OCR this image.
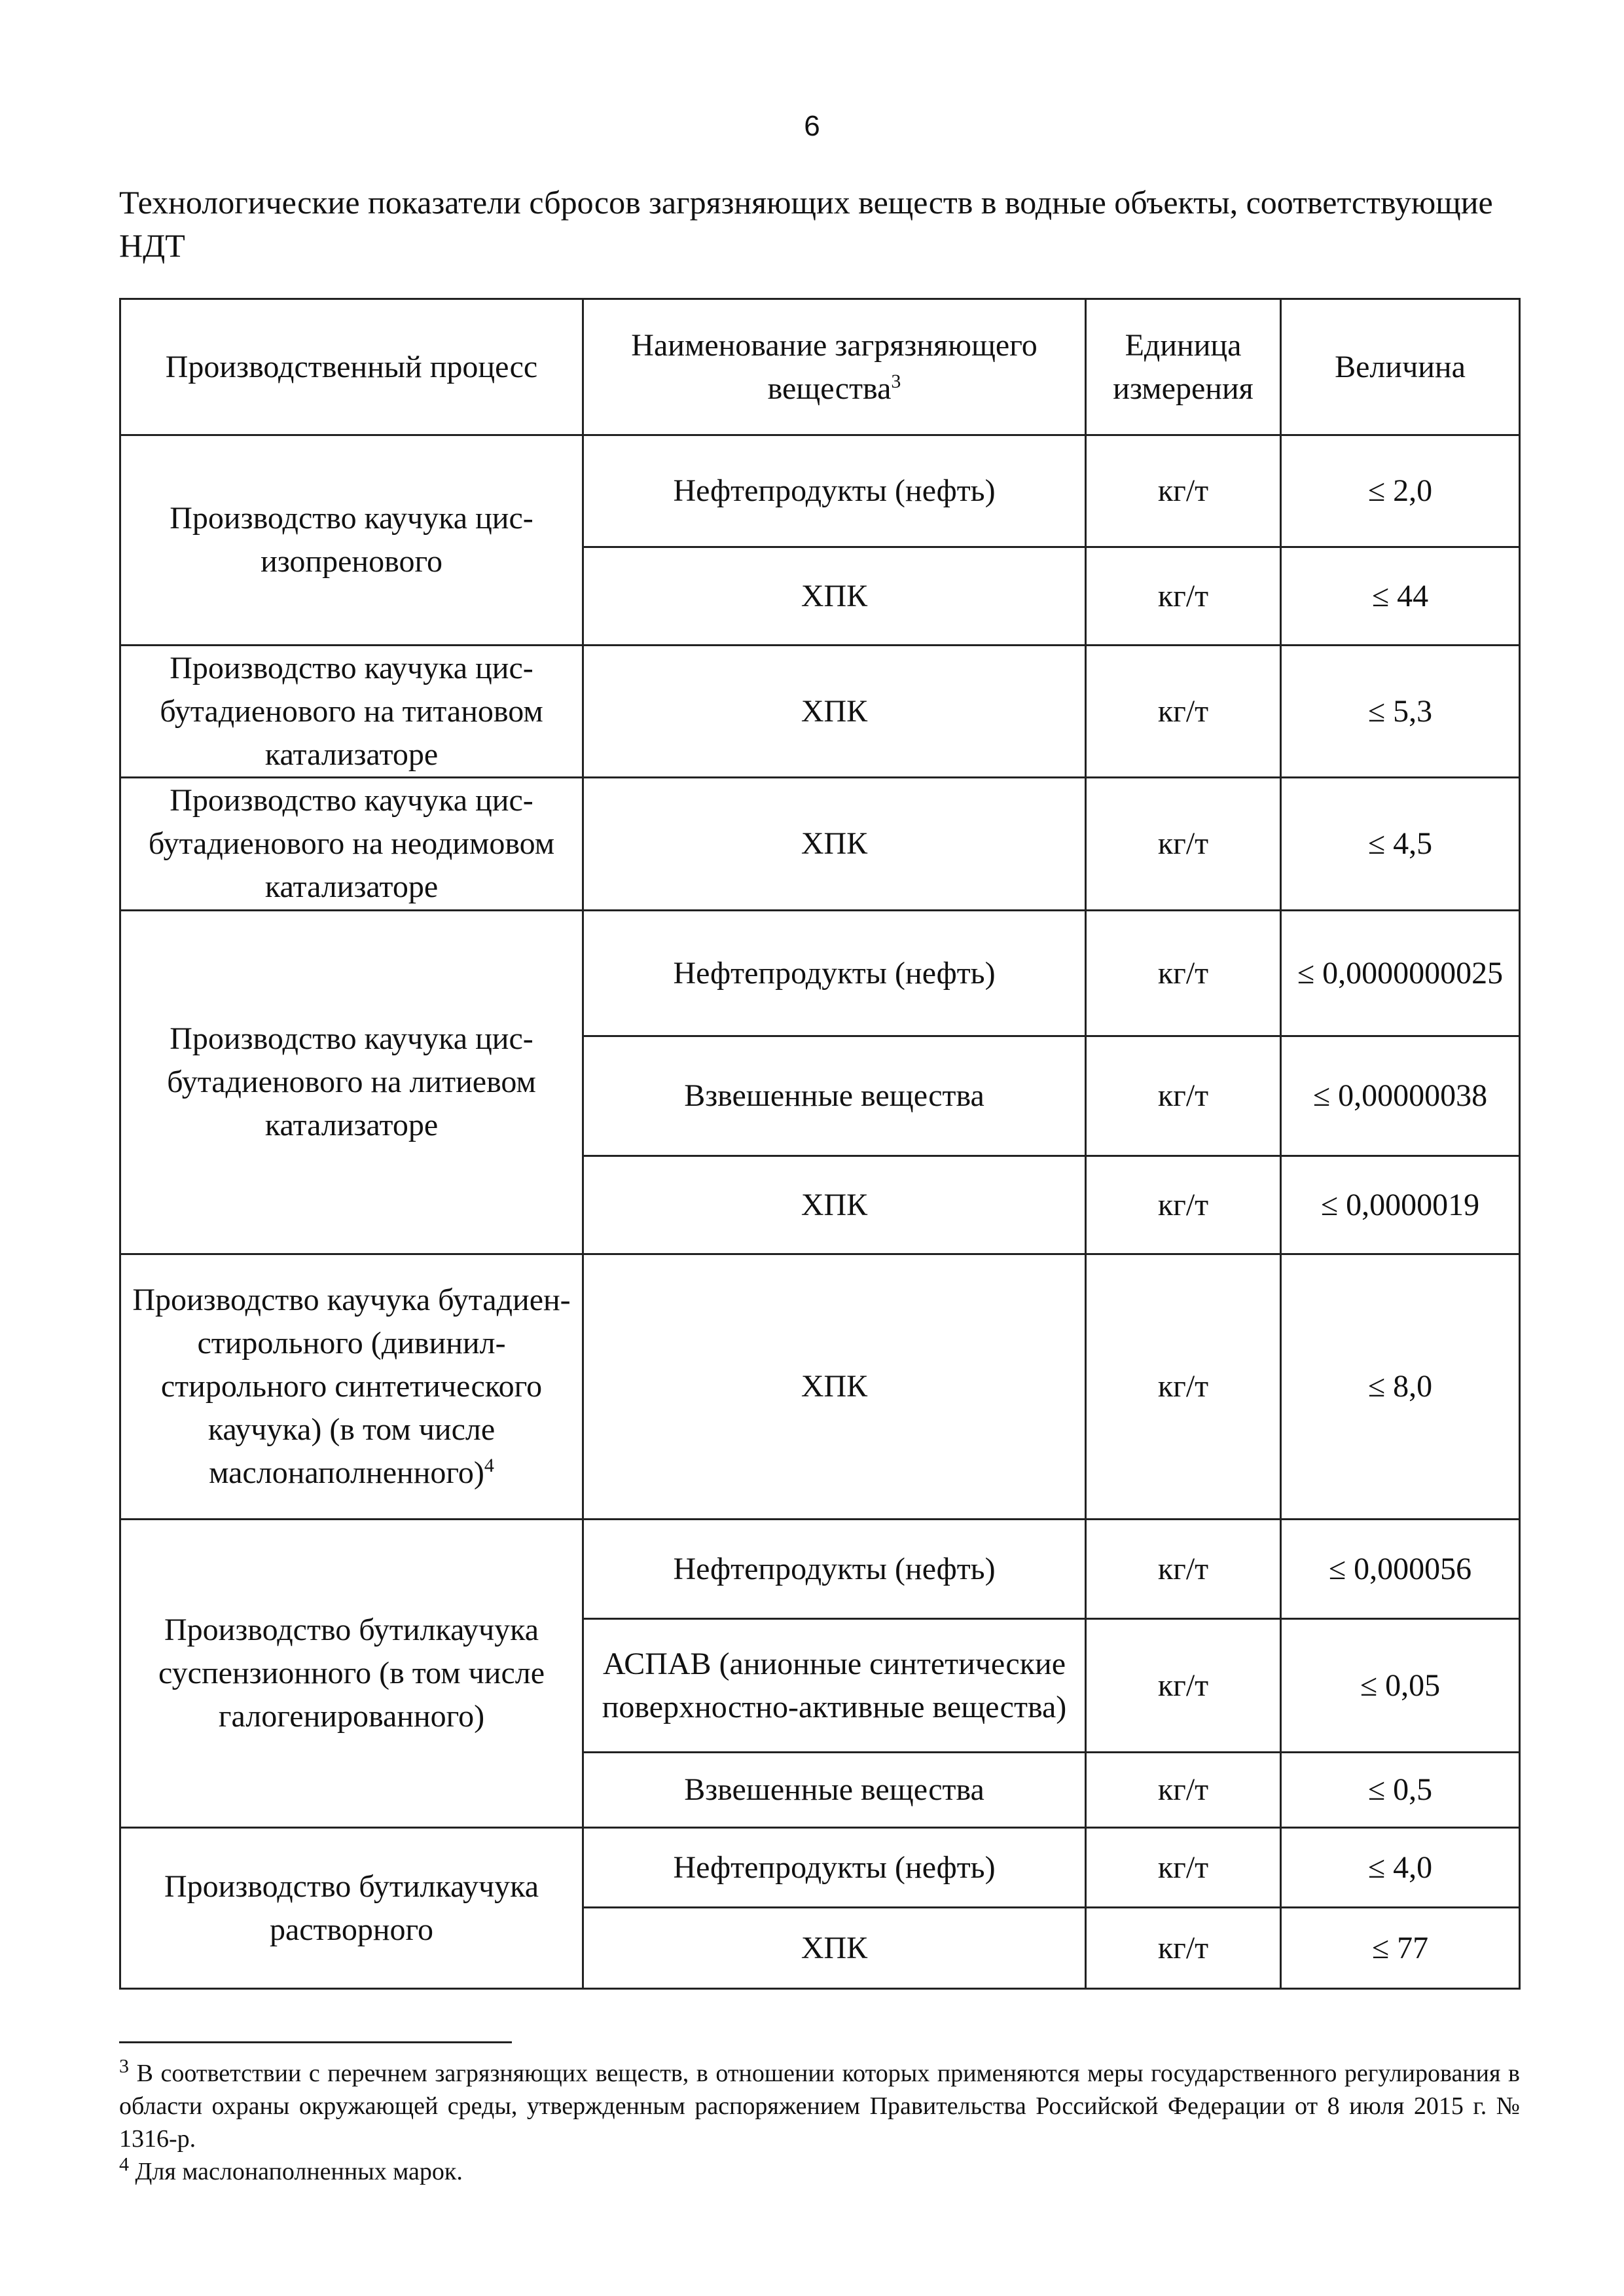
6
Технологические показатели сбросов загрязняющих веществ в водные объекты, соответствующие НДТ
Производственный процесс	Наименование загрязняющего вещества$^3$	Единица измерения	Величина
Производство каучука цис-изопренового	Нефтепродукты (нефть)	кг/т	≤ 2,0
	ХПК	кг/т	≤ 44
Производство каучука цис-бутадиенового на титановом катализаторе	ХПК	кг/т	≤ 5,3
Производство каучука цис-бутадиенового на неодимовом катализаторе	ХПК	кг/т	≤ 4,5
Производство каучука цис-бутадиенового на литиевом катализаторе	Нефтепродукты (нефть)	кг/т	≤ 0,0000000025
	Взвешенные вещества	кг/т	≤ 0,00000038
	ХПК	кг/т	≤ 0,0000019
Производство каучука бутадиен-стирольного (дивинил-стирольного синтетического каучука) (в том числе маслонаполненного)$^4$	ХПК	кг/т	≤ 8,0
Производство бутилкаучука суспензионного (в том числе галогенированного)	Нефтепродукты (нефть)	кг/т	≤ 0,000056
	АСПАВ (анионные синтетические поверхностно-активные вещества)	кг/т	≤ 0,05
	Взвешенные вещества	кг/т	≤ 0,5
Производство бутилкаучука растворного	Нефтепродукты (нефть)	кг/т	≤ 4,0
	ХПК	кг/т	≤ 77

$^3$ В соответствии с перечнем загрязняющих веществ, в отношении которых применяются меры государственного регулирования в области охраны окружающей среды, утвержденным распоряжением Правительства Российской Федерации от 8 июля 2015 г. № 1316-р.

$^4$ Для маслонаполненных марок.
